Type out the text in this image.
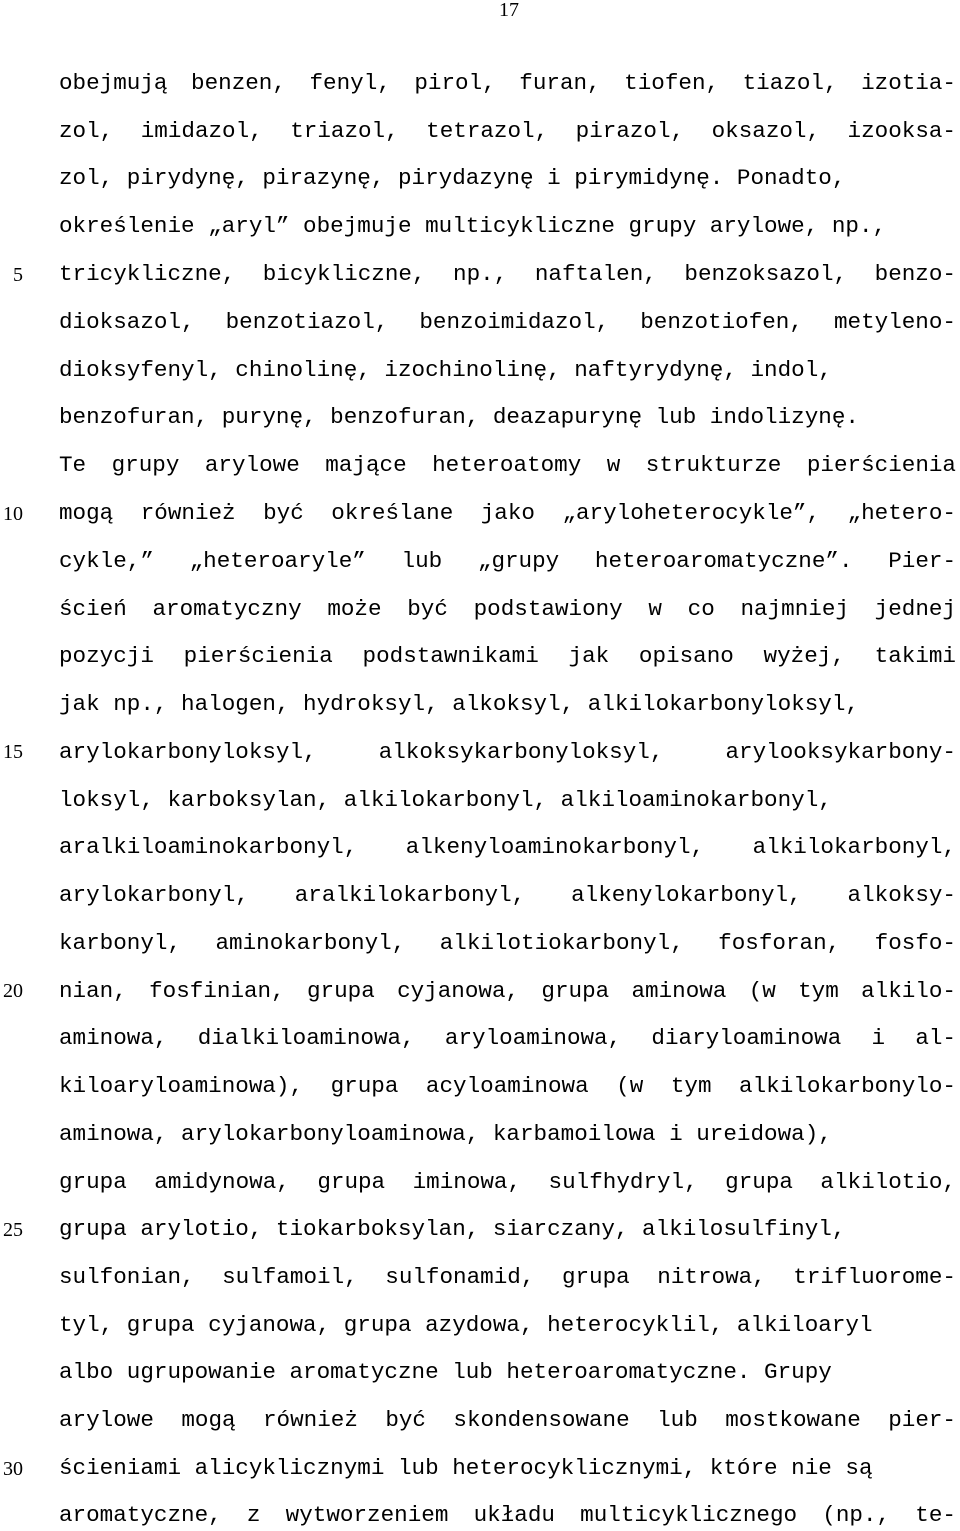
17
5
10
15
20
25
30
obejmują benzen, fenyl, pirol, furan, tiofen, tiazol, izotia-
zol, imidazol, triazol, tetrazol, pirazol, oksazol, izooksa-
zol, pirydynę, pirazynę, pirydazynę i pirymidynę. Ponadto,
określenie „aryl” obejmuje multicykliczne grupy arylowe, np.,
tricykliczne, bicykliczne, np., naftalen, benzoksazol, benzo-
dioksazol, benzotiazol, benzoimidazol, benzotiofen, metyleno-
dioksyfenyl, chinolinę, izochinolinę, naftyrydynę, indol,
benzofuran, purynę, benzofuran, deazapurynę lub indolizynę.
Te grupy arylowe mające heteroatomy w strukturze pierścienia
mogą również być określane jako „aryloheterocykle”, „hetero-
cykle,” „heteroaryle” lub „grupy heteroaromatyczne”. Pier-
ścień aromatyczny może być podstawiony w co najmniej jednej
pozycji pierścienia podstawnikami jak opisano wyżej, takimi
jak np., halogen, hydroksyl, alkoksyl, alkilokarbonyloksyl,
arylokarbonyloksyl, alkoksykarbonyloksyl, arylooksykarbony-
loksyl, karboksylan, alkilokarbonyl, alkiloaminokarbonyl,
aralkiloaminokarbonyl, alkenyloaminokarbonyl, alkilokarbonyl,
arylokarbonyl, aralkilokarbonyl, alkenylokarbonyl, alkoksy-
karbonyl, aminokarbonyl, alkilotiokarbonyl, fosforan, fosfo-
nian, fosfinian, grupa cyjanowa, grupa aminowa (w tym alkilo-
aminowa, dialkiloaminowa, aryloaminowa, diaryloaminowa i al-
kiloaryloaminowa), grupa acyloaminowa (w tym alkilokarbonylo-
aminowa, arylokarbonyloaminowa, karbamoilowa i ureidowa),
grupa amidynowa, grupa iminowa, sulfhydryl, grupa alkilotio,
grupa arylotio, tiokarboksylan, siarczany, alkilosulfinyl,
sulfonian, sulfamoil, sulfonamid, grupa nitrowa, trifluorome-
tyl, grupa cyjanowa, grupa azydowa, heterocyklil, alkiloaryl
albo ugrupowanie aromatyczne lub heteroaromatyczne. Grupy
arylowe mogą również być skondensowane lub mostkowane pier-
ścieniami alicyklicznymi lub heterocyklicznymi, które nie są
aromatyczne, z wytworzeniem układu multicyklicznego (np., te-
